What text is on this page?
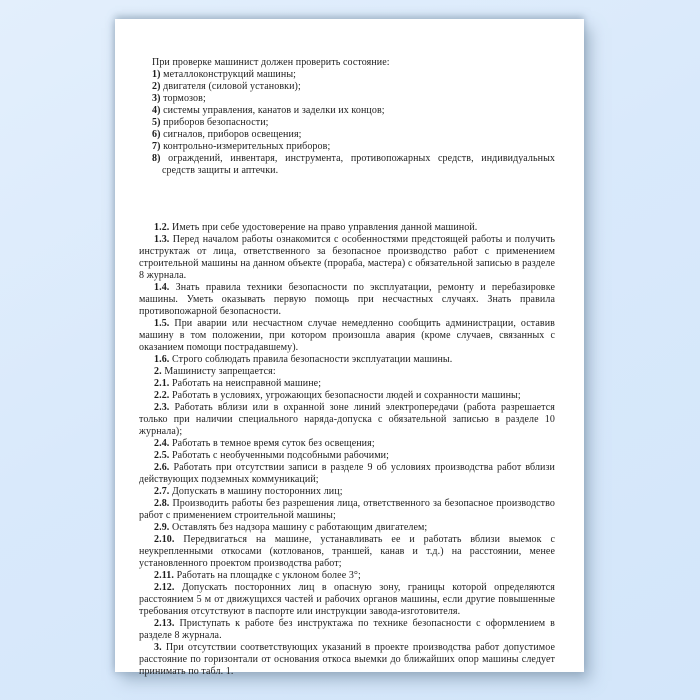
При проверке машинист должен проверить состояние:

1) металлоконструкций машины;
2) двигателя (силовой установки);
3) тормозов;
4) системы управления, канатов и заделки их концов;
5) приборов безопасности;
6) сигналов, приборов освещения;
7) контрольно-измерительных приборов;
8) ограждений, инвентаря, инструмента, противопожарных средств, индивидуальных средств защиты и аптечки.
1.2. Иметь при себе удостоверение на право управления данной машиной.
1.3. Перед началом работы ознакомится с особенностями предстоящей работы и получить инструктаж от лица, ответственного за безопасное производство работ с применением строительной машины на данном объекте (прораба, мастера) с обязательной записью в разделе 8 журнала.
1.4. Знать правила техники безопасности по эксплуатации, ремонту и перебазировке машины. Уметь оказывать первую помощь при несчастных случаях. Знать правила противопожарной безопасности.
1.5. При аварии или несчастном случае немедленно сообщить администрации, оставив машину в том положении, при котором произошла авария (кроме случаев, связанных с оказанием помощи пострадавшему).
1.6. Строго соблюдать правила безопасности эксплуатации машины.
2. Машинисту запрещается:
2.1. Работать на неисправной машине;
2.2. Работать в условиях, угрожающих безопасности людей и сохранности машины;
2.3. Работать вблизи или в охранной зоне линий электропередачи (работа разрешается только при наличии специального наряда-допуска с обязательной записью в разделе 10 журнала);
2.4. Работать в темное время суток без освещения;
2.5. Работать с необученными подсобными рабочими;
2.6. Работать при отсутствии записи в разделе 9 об условиях производства работ вблизи действующих подземных коммуникаций;
2.7. Допускать в машину посторонних лиц;
2.8. Производить работы без разрешения лица, ответственного за безопасное производство работ с применением строительной машины;
2.9. Оставлять без надзора машину с работающим двигателем;
2.10. Передвигаться на машине, устанавливать ее и работать вблизи выемок с неукрепленными откосами (котлованов, траншей, канав и т.д.) на расстоянии, менее установленного проектом производства работ;
2.11. Работать на площадке с уклоном более 3°;
2.12. Допускать посторонних лиц в опасную зону, границы которой определяются расстоянием 5 м от движущихся частей и рабочих органов машины, если другие повышенные требования отсутствуют в паспорте или инструкции завода-изготовителя.
2.13. Приступать к работе без инструктажа по технике безопасности с оформлением в разделе 8 журнала.
3. При отсутствии соответствующих указаний в проекте производства работ допустимое расстояние по горизонтали от основания откоса выемки до ближайших опор машины следует принимать по табл. 1.
